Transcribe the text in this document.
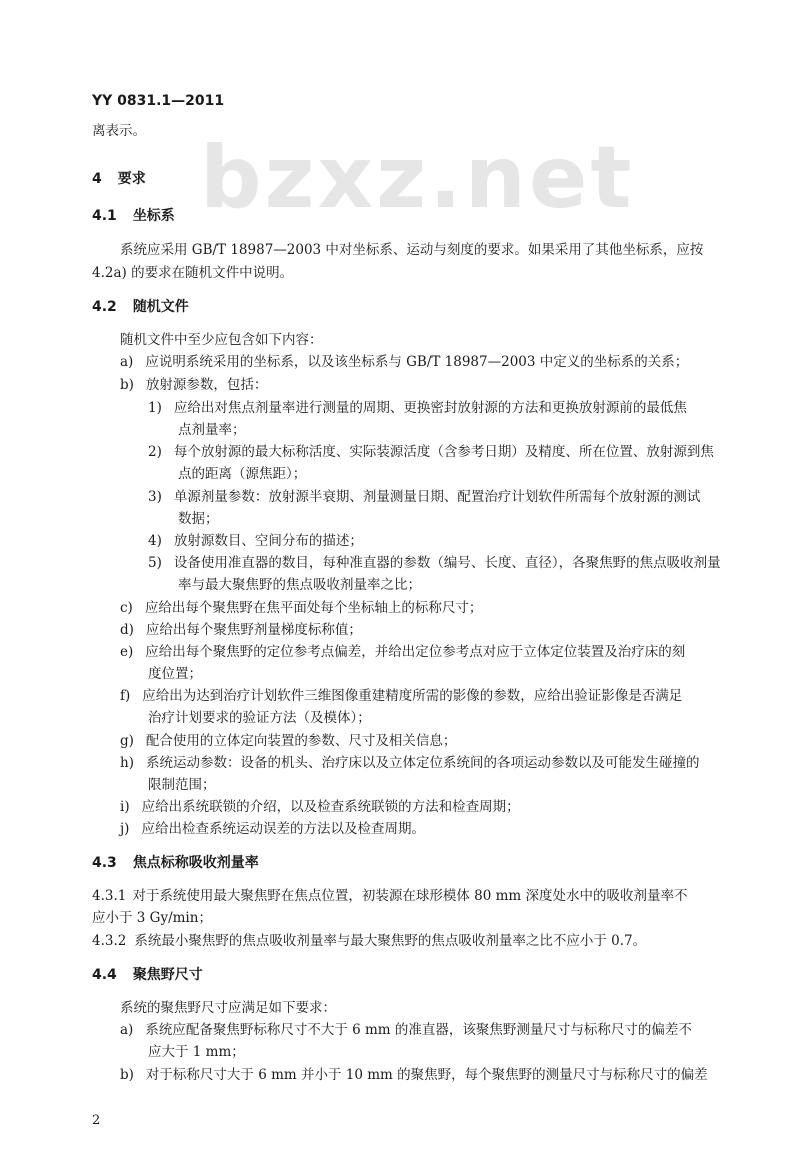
YY 0831.1—2011
bzxz.net
离表示。
4 要求
4.1 坐标系
系统应采用 GB/T 18987—2003 中对坐标系、运动与刻度的要求。如果采用了其他坐标系，应按
4.2a) 的要求在随机文件中说明。
4.2 随机文件
随机文件中至少应包含如下内容：
a) 应说明系统采用的坐标系，以及该坐标系与 GB/T 18987—2003 中定义的坐标系的关系；
b) 放射源参数，包括：
1) 应给出对焦点剂量率进行测量的周期、更换密封放射源的方法和更换放射源前的最低焦
点剂量率；
2) 每个放射源的最大标称活度、实际装源活度（含参考日期）及精度、所在位置、放射源到焦
点的距离（源焦距）；
3) 单源剂量参数：放射源半衰期、剂量测量日期、配置治疗计划软件所需每个放射源的测试
数据；
4) 放射源数目、空间分布的描述；
5) 设备使用准直器的数目，每种准直器的参数（编号、长度、直径），各聚焦野的焦点吸收剂量
率与最大聚焦野的焦点吸收剂量率之比；
c) 应给出每个聚焦野在焦平面处每个坐标轴上的标称尺寸；
d) 应给出每个聚焦野剂量梯度标称值；
e) 应给出每个聚焦野的定位参考点偏差，并给出定位参考点对应于立体定位装置及治疗床的刻
度位置；
f) 应给出为达到治疗计划软件三维图像重建精度所需的影像的参数，应给出验证影像是否满足
治疗计划要求的验证方法（及模体）；
g) 配合使用的立体定向装置的参数、尺寸及相关信息；
h) 系统运动参数：设备的机头、治疗床以及立体定位系统间的各项运动参数以及可能发生碰撞的
限制范围；
i) 应给出系统联锁的介绍，以及检查系统联锁的方法和检查周期；
j) 应给出检查系统运动误差的方法以及检查周期。
4.3 焦点标称吸收剂量率
4.3.1 对于系统使用最大聚焦野在焦点位置，初装源在球形模体 80 mm 深度处水中的吸收剂量率不
应小于 3 Gy/min；
4.3.2 系统最小聚焦野的焦点吸收剂量率与最大聚焦野的焦点吸收剂量率之比不应小于 0.7。
4.4 聚焦野尺寸
系统的聚焦野尺寸应满足如下要求：
a) 系统应配备聚焦野标称尺寸不大于 6 mm 的准直器，该聚焦野测量尺寸与标称尺寸的偏差不
应大于 1 mm；
b) 对于标称尺寸大于 6 mm 并小于 10 mm 的聚焦野，每个聚焦野的测量尺寸与标称尺寸的偏差
2
